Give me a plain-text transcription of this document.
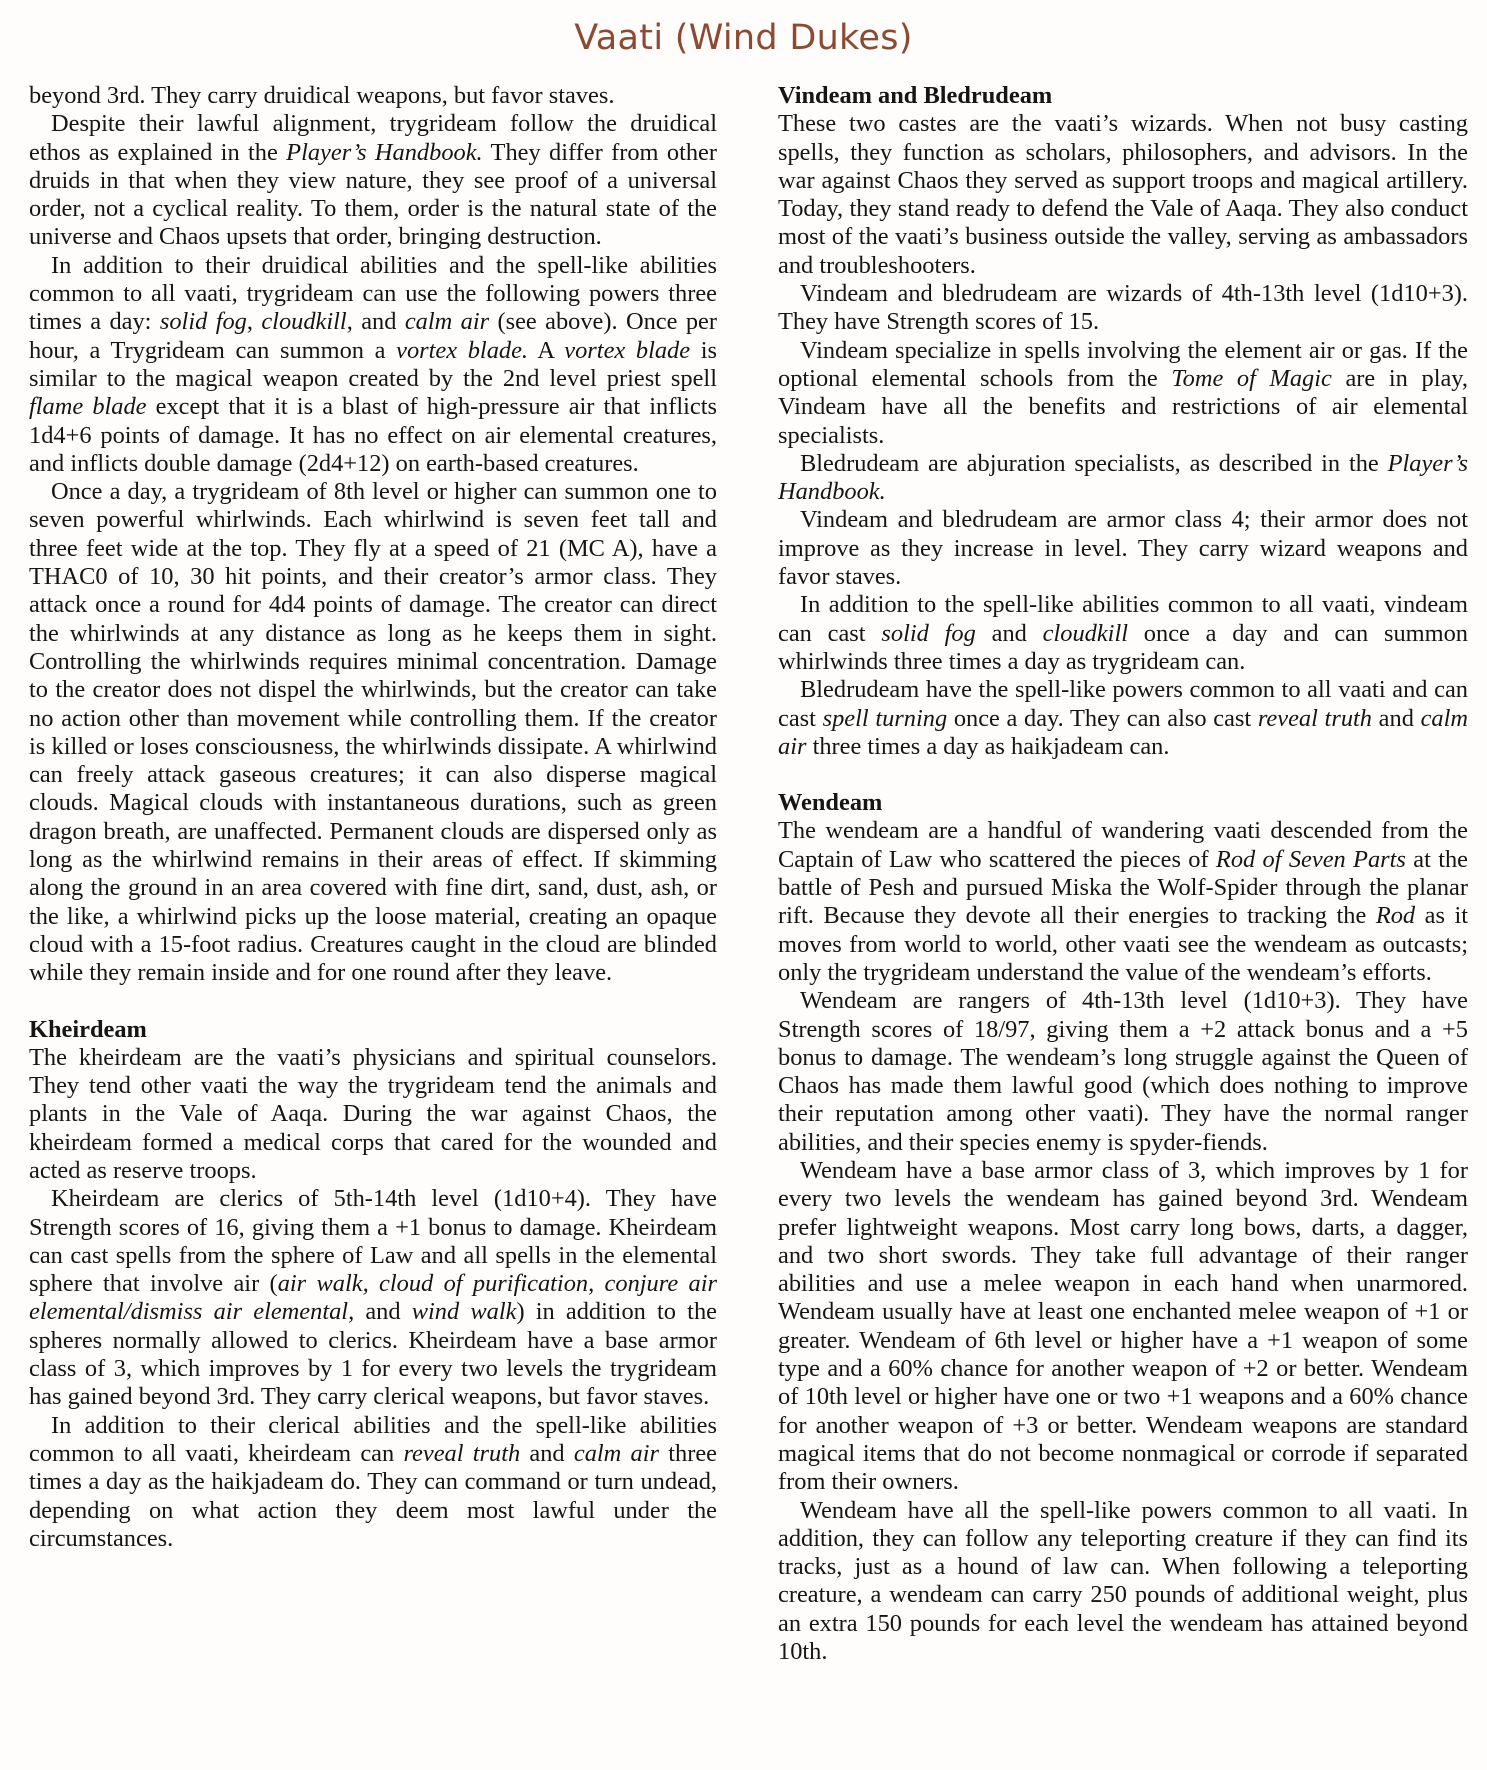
Vaati (Wind Dukes)

beyond 3rd. They carry druidical weapons, but favor staves.

Despite their lawful alignment, trygrideam follow the druidical ethos as explained in the Player’s Handbook. They differ from other druids in that when they view nature, they see proof of a universal order, not a cyclical reality. To them, order is the natural state of the universe and Chaos upsets that order, bringing destruction.

In addition to their druidical abilities and the spell-like abilities common to all vaati, trygrideam can use the following powers three times a day: solid fog, cloudkill, and calm air (see above). Once per hour, a Trygrideam can summon a vortex blade. A vortex blade is similar to the magical weapon created by the 2nd level priest spell flame blade except that it is a blast of high-pressure air that inflicts 1d4+6 points of damage. It has no effect on air elemental creatures, and inflicts double damage (2d4+12) on earth-based creatures.

Once a day, a trygrideam of 8th level or higher can summon one to seven powerful whirlwinds. Each whirlwind is seven feet tall and three feet wide at the top. They fly at a speed of 21 (MC A), have a THAC0 of 10, 30 hit points, and their creator’s armor class. They attack once a round for 4d4 points of damage. The creator can direct the whirlwinds at any distance as long as he keeps them in sight. Controlling the whirlwinds requires minimal concentration. Damage to the creator does not dispel the whirlwinds, but the creator can take no action other than movement while controlling them. If the creator is killed or loses consciousness, the whirlwinds dissipate. A whirlwind can freely attack gaseous creatures; it can also disperse magical clouds. Magical clouds with instantaneous durations, such as green dragon breath, are unaffected. Permanent clouds are dispersed only as long as the whirlwind remains in their areas of effect. If skimming along the ground in an area covered with fine dirt, sand, dust, ash, or the like, a whirlwind picks up the loose material, creating an opaque cloud with a 15-foot radius. Creatures caught in the cloud are blinded while they remain inside and for one round after they leave.

Kheirdeam

The kheirdeam are the vaati’s physicians and spiritual counselors. They tend other vaati the way the trygrideam tend the animals and plants in the Vale of Aaqa. During the war against Chaos, the kheirdeam formed a medical corps that cared for the wounded and acted as reserve troops.

Kheirdeam are clerics of 5th-14th level (1d10+4). They have Strength scores of 16, giving them a +1 bonus to damage. Kheirdeam can cast spells from the sphere of Law and all spells in the elemental sphere that involve air (air walk, cloud of purification, conjure air elemental/dismiss air elemental, and wind walk) in addition to the spheres normally allowed to clerics. Kheirdeam have a base armor class of 3, which improves by 1 for every two levels the trygrideam has gained beyond 3rd. They carry clerical weapons, but favor staves.

In addition to their clerical abilities and the spell-like abilities common to all vaati, kheirdeam can reveal truth and calm air three times a day as the haikjadeam do. They can command or turn undead, depending on what action they deem most lawful under the circumstances.

Vindeam and Bledrudeam

These two castes are the vaati’s wizards. When not busy casting spells, they function as scholars, philosophers, and advisors. In the war against Chaos they served as support troops and magical artillery. Today, they stand ready to defend the Vale of Aaqa. They also conduct most of the vaati’s business outside the valley, serving as ambassadors and troubleshooters.

Vindeam and bledrudeam are wizards of 4th-13th level (1d10+3). They have Strength scores of 15.

Vindeam specialize in spells involving the element air or gas. If the optional elemental schools from the Tome of Magic are in play, Vindeam have all the benefits and restrictions of air elemental specialists.

Bledrudeam are abjuration specialists, as described in the Player’s Handbook.

Vindeam and bledrudeam are armor class 4; their armor does not improve as they increase in level. They carry wizard weapons and favor staves.

In addition to the spell-like abilities common to all vaati, vindeam can cast solid fog and cloudkill once a day and can summon whirlwinds three times a day as trygrideam can.

Bledrudeam have the spell-like powers common to all vaati and can cast spell turning once a day. They can also cast reveal truth and calm air three times a day as haikjadeam can.

Wendeam

The wendeam are a handful of wandering vaati descended from the Captain of Law who scattered the pieces of Rod of Seven Parts at the battle of Pesh and pursued Miska the Wolf-Spider through the planar rift. Because they devote all their energies to tracking the Rod as it moves from world to world, other vaati see the wendeam as outcasts; only the trygrideam understand the value of the wendeam’s efforts.

Wendeam are rangers of 4th-13th level (1d10+3). They have Strength scores of 18/97, giving them a +2 attack bonus and a +5 bonus to damage. The wendeam’s long struggle against the Queen of Chaos has made them lawful good (which does nothing to improve their reputation among other vaati). They have the normal ranger abilities, and their species enemy is spyder-fiends.

Wendeam have a base armor class of 3, which improves by 1 for every two levels the wendeam has gained beyond 3rd. Wendeam prefer lightweight weapons. Most carry long bows, darts, a dagger, and two short swords. They take full advantage of their ranger abilities and use a melee weapon in each hand when unarmored. Wendeam usually have at least one enchanted melee weapon of +1 or greater. Wendeam of 6th level or higher have a +1 weapon of some type and a 60% chance for another weapon of +2 or better. Wendeam of 10th level or higher have one or two +1 weapons and a 60% chance for another weapon of +3 or better. Wendeam weapons are standard magical items that do not become nonmagical or corrode if separated from their owners.

Wendeam have all the spell-like powers common to all vaati. In addition, they can follow any teleporting creature if they can find its tracks, just as a hound of law can. When following a teleporting creature, a wendeam can carry 250 pounds of additional weight, plus an extra 150 pounds for each level the wendeam has attained beyond 10th.
